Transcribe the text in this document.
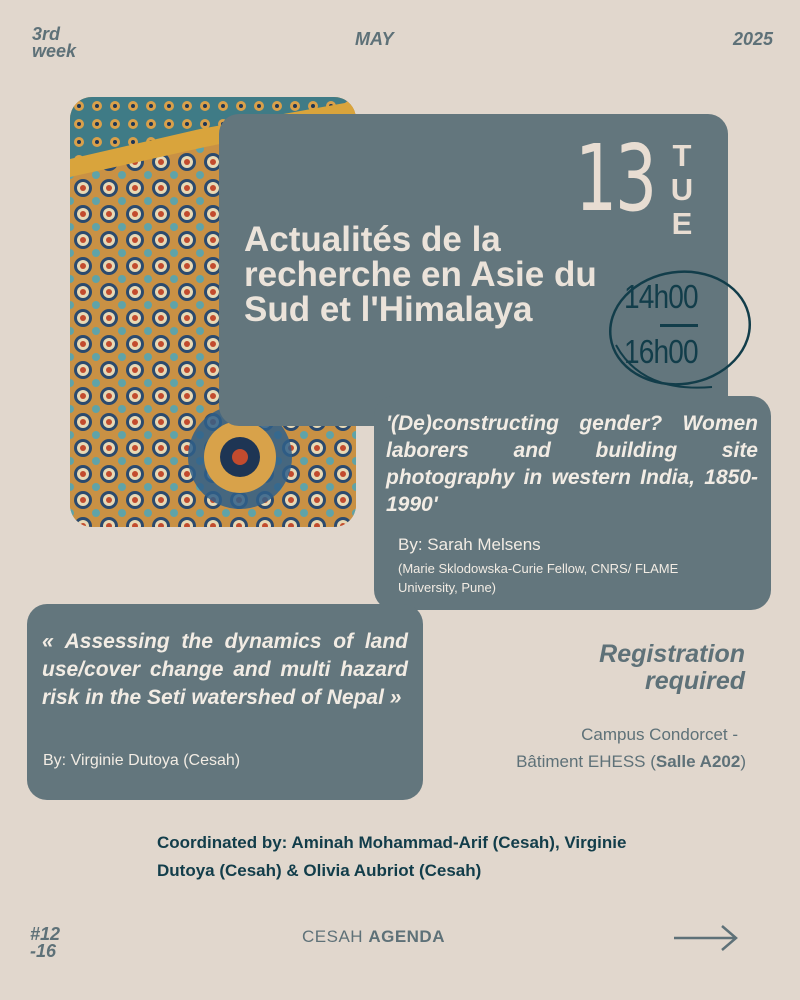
3rd week
MAY	2025
Actualités de la recherche en Asie du Sud et l'Himalaya
13 TUE
14h00
16h00
'(De)constructing gender? Women laborers and building site photography in western India, 1850-1990'
By: Sarah Melsens
(Marie Sklodowska-Curie Fellow, CNRS/ FLAME University, Pune)
« Assessing the dynamics of land use/cover change and multi hazard risk in the Seti watershed of Nepal »
By: Virginie Dutoya (Cesah)
Registration
required
Campus Condorcet -
Bâtiment EHESS (Salle A202)
Coordinated by: Aminah Mohammad-Arif (Cesah), Virginie Dutoya (Cesah) & Olivia Aubriot (Cesah)
#12 -16
CESAH AGENDA
